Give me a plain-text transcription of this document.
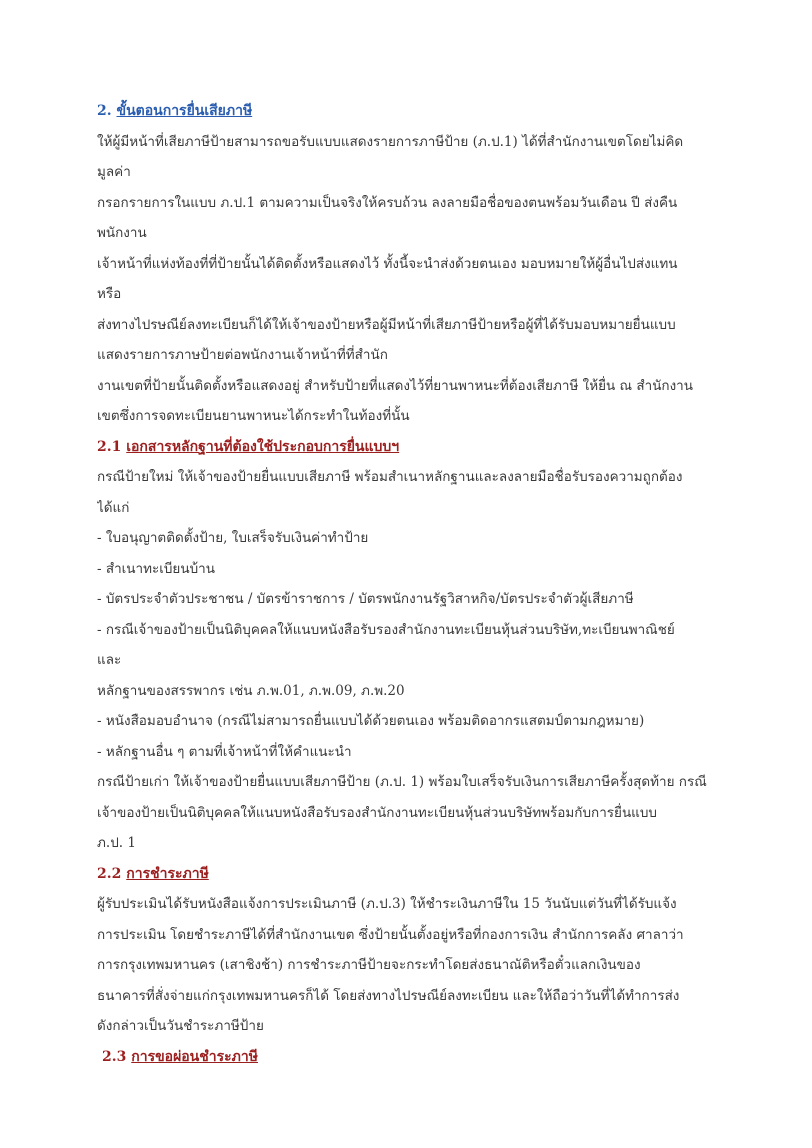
2. ขั้นตอนการยื่นเสียภาษี

ให้ผู้มีหน้าที่เสียภาษีป้ายสามารถขอรับแบบแสดงรายการภาษีป้าย (ภ.ป.1) ได้ที่สำนักงานเขตโดยไม่คิด

มูลค่า

กรอกรายการในแบบ ภ.ป.1 ตามความเป็นจริงให้ครบถ้วน ลงลายมือชื่อของตนพร้อมวันเดือน ปี ส่งคืน

พนักงาน

เจ้าหน้าที่แห่งท้องที่ที่ป้ายนั้นได้ติดตั้งหรือแสดงไว้ ทั้งนี้จะนำส่งด้วยตนเอง มอบหมายให้ผู้อื่นไปส่งแทน

หรือ

ส่งทางไปรษณีย์ลงทะเบียนก็ได้ให้เจ้าของป้ายหรือผู้มีหน้าที่เสียภาษีป้ายหรือผู้ที่ได้รับมอบหมายยื่นแบบ

แสดงรายการภาษป้ายต่อพนักงานเจ้าหน้าที่ที่สำนัก

งานเขตที่ป้ายนั้นติดตั้งหรือแสดงอยู่ สำหรับป้ายที่แสดงไว้ที่ยานพาหนะที่ต้องเสียภาษี ให้ยื่น ณ สำนักงาน

เขตซึ่งการจดทะเบียนยานพาหนะได้กระทำในท้องที่นั้น

2.1 เอกสารหลักฐานที่ต้องใช้ประกอบการยื่นแบบฯ

กรณีป้ายใหม่ ให้เจ้าของป้ายยื่นแบบเสียภาษี พร้อมสำเนาหลักฐานและลงลายมือชื่อรับรองความถูกต้อง

ได้แก่

- ใบอนุญาตติดตั้งป้าย, ใบเสร็จรับเงินค่าทำป้าย

- สำเนาทะเบียนบ้าน

- บัตรประจำตัวประชาชน / บัตรข้าราชการ / บัตรพนักงานรัฐวิสาหกิจ/บัตรประจำตัวผู้เสียภาษี

- กรณีเจ้าของป้ายเป็นนิติบุคคลให้แนบหนังสือรับรองสำนักงานทะเบียนหุ้นส่วนบริษัท,ทะเบียนพาณิชย์

และ

หลักฐานของสรรพากร เช่น ภ.พ.01, ภ.พ.09, ภ.พ.20

- หนังสือมอบอำนาจ (กรณีไม่สามารถยื่นแบบได้ด้วยตนเอง พร้อมติดอากรแสตมป์ตามกฎหมาย)

- หลักฐานอื่น ๆ ตามที่เจ้าหน้าที่ให้คำแนะนำ

กรณีป้ายเก่า ให้เจ้าของป้ายยื่นแบบเสียภาษีป้าย (ภ.ป. 1) พร้อมใบเสร็จรับเงินการเสียภาษีครั้งสุดท้าย กรณี

เจ้าของป้ายเป็นนิติบุคคลให้แนบหนังสือรับรองสำนักงานทะเบียนหุ้นส่วนบริษัทพร้อมกับการยื่นแบบ

ภ.ป. 1

2.2 การชำระภาษี

ผู้รับประเมินได้รับหนังสือแจ้งการประเมินภาษี (ภ.ป.3) ให้ชำระเงินภาษีใน 15 วันนับแต่วันที่ได้รับแจ้ง

การประเมิน โดยชำระภาษีได้ที่สำนักงานเขต ซึ่งป้ายนั้นตั้งอยู่หรือที่กองการเงิน สำนักการคลัง ศาลาว่า

การกรุงเทพมหานคร (เสาชิงช้า) การชำระภาษีป้ายจะกระทำโดยส่งธนาณัติหรือตั๋วแลกเงินของ

ธนาคารที่สั่งจ่ายแก่กรุงเทพมหานครก็ได้ โดยส่งทางไปรษณีย์ลงทะเบียน และให้ถือว่าวันที่ได้ทำการส่ง

ดังกล่าวเป็นวันชำระภาษีป้าย

2.3 การขอผ่อนชำระภาษี
